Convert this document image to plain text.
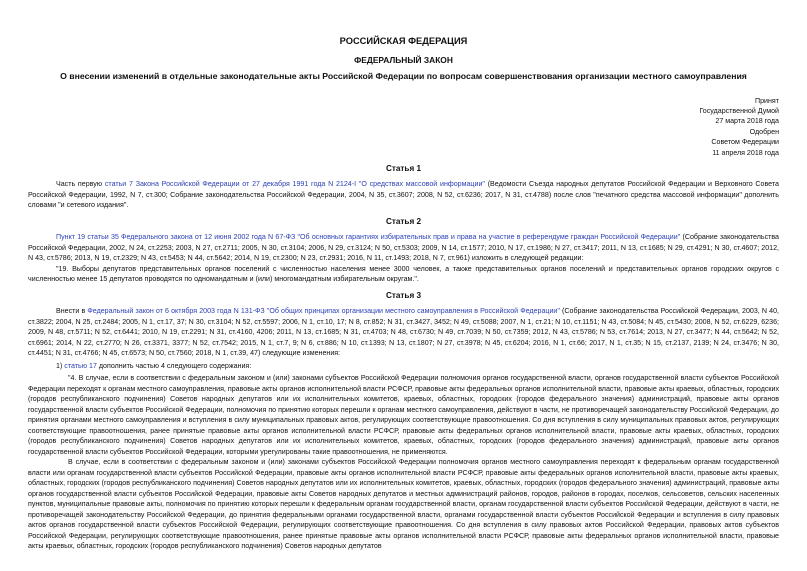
РОССИЙСКАЯ ФЕДЕРАЦИЯ
ФЕДЕРАЛЬНЫЙ ЗАКОН
О внесении изменений в отдельные законодательные акты Российской Федерации по вопросам совершенствования организации местного самоуправления
Принят
Государственной Думой
27 марта 2018 года
Одобрен
Советом Федерации
11 апреля 2018 года
Статья 1

Часть первую статьи 7 Закона Российской Федерации от 27 декабря 1991 года N 2124-I "О средствах массовой информации" (Ведомости Съезда народных депутатов Российской Федерации и Верховного Совета Российской Федерации, 1992, N 7, ст.300; Собрание законодательства Российской Федерации, 2004, N 35, ст.3607; 2008, N 52, ст.6236; 2017, N 31, ст.4788) после слов "печатного средства массовой информации" дополнить словами "и сетевого издания".

Статья 2

Пункт 19 статьи 35 Федерального закона от 12 июня 2002 года N 67-ФЗ "Об основных гарантиях избирательных прав и права на участие в референдуме граждан Российской Федерации" (Собрание законодательства Российской Федерации, 2002, N 24, ст.2253; 2003, N 27, ст.2711; 2005, N 30, ст.3104; 2006, N 29, ст.3124; N 50, ст.5303; 2009, N 14, ст.1577; 2010, N 17, ст.1986; N 27, ст.3417; 2011, N 13, ст.1685; N 29, ст.4291; N 30, ст.4607; 2012, N 43, ст.5786; 2013, N 19, ст.2329; N 43, ст.5453; N 44, ст.5642; 2014, N 19, ст.2300; N 23, ст.2931; 2016, N 11, ст.1493; 2018, N 7, ст.961) изложить в следующей редакции:

"19. Выборы депутатов представительных органов поселений с численностью населения менее 3000 человек, а также представительных органов поселений и представительных органов городских округов с численностью менее 15 депутатов проводятся по одномандатным и (или) многомандатным избирательным округам.".

Статья 3

Внести в Федеральный закон от 6 октября 2003 года N 131-ФЗ "Об общих принципах организации местного самоуправления в Российской Федерации" (Собрание законодательства Российской Федерации, 2003, N 40, ст.3822; 2004, N 25, ст.2484; 2005, N 1, ст.17, 37; N 30, ст.3104; N 52, ст.5597; 2006, N 1, ст.10, 17; N 8, ст.852; N 31, ст.3427, 3452; N 49, ст.5088; 2007, N 1, ст.21; N 10, ст.1151; N 43, ст.5084; N 45, ст.5430; 2008, N 52, ст.6229, 6236; 2009, N 48, ст.5711; N 52, ст.6441; 2010, N 19, ст.2291; N 31, ст.4160, 4206; 2011, N 13, ст.1685; N 31, ст.4703; N 48, ст.6730; N 49, ст.7039; N 50, ст.7359; 2012, N 43, ст.5786; N 53, ст.7614; 2013, N 27, ст.3477; N 44, ст.5642; N 52, ст.6961; 2014, N 22, ст.2770; N 26, ст.3371, 3377; N 52, ст.7542; 2015, N 1, ст.7, 9; N 6, ст.886; N 10, ст.1393; N 13, ст.1807; N 27, ст.3978; N 45, ст.6204; 2016, N 1, ст.66; 2017, N 1, ст.35; N 15, ст.2137, 2139; N 24, ст.3476; N 30, ст.4451; N 31, ст.4766; N 45, ст.6573; N 50, ст.7560; 2018, N 1, ст.39, 47) следующие изменения:

1) статью 17 дополнить частью 4 следующего содержания:

"4. В случае, если в соответствии с федеральным законом и (или) законами субъектов Российской Федерации полномочия органов государственной власти, органов государственной власти субъектов Российской Федерации переходят к органам местного самоуправления, правовые акты органов исполнительной власти РСФСР, правовые акты федеральных органов исполнительной власти, правовые акты краевых, областных, городских (городов республиканского подчинения) Советов народных депутатов или их исполнительных комитетов, краевых, областных, городских (городов федерального значения) администраций, правовые акты органов государственной власти субъектов Российской Федерации, полномочия по принятию которых перешли к органам местного самоуправления, действуют в части, не противоречащей законодательству Российской Федерации, до принятия органами местного самоуправления и вступления в силу муниципальных правовых актов, регулирующих соответствующие правоотношения. Со дня вступления в силу муниципальных правовых актов, регулирующих соответствующие правоотношения, ранее принятые правовые акты органов исполнительной власти РСФСР, правовые акты федеральных органов исполнительной власти, правовые акты краевых, областных, городских (городов республиканского подчинения) Советов народных депутатов или их исполнительных комитетов, краевых, областных, городских (городов федерального значения) администраций, правовые акты органов государственной власти субъектов Российской Федерации, которыми урегулированы такие правоотношения, не применяются.

В случае, если в соответствии с федеральным законом и (или) законами субъектов Российской Федерации полномочия органов местного самоуправления переходят к федеральным органам государственной власти или органам государственной власти субъектов Российской Федерации, правовые акты органов исполнительной власти РСФСР, правовые акты федеральных органов исполнительной власти, правовые акты краевых, областных, городских (городов республиканского подчинения) Советов народных депутатов или их исполнительных комитетов, краевых, областных, городских (городов федерального значения) администраций, правовые акты органов государственной власти субъектов Российской Федерации, правовые акты Советов народных депутатов и местных администраций районов, городов, районов в городах, поселков, сельсоветов, сельских населенных пунктов, муниципальные правовые акты, полномочия по принятию которых перешли к федеральным органам государственной власти, органам государственной власти субъектов Российской Федерации, действуют в части, не противоречащей законодательству Российской Федерации, до принятия федеральными органами государственной власти, органами государственной власти субъектов Российской Федерации и вступления в силу правовых актов органов государственной власти субъектов Российской Федерации, регулирующих соответствующие правоотношения. Со дня вступления в силу правовых актов Российской Федерации, правовых актов субъектов Российской Федерации, регулирующих соответствующие правоотношения, ранее принятые правовые акты органов исполнительной власти РСФСР, правовые акты федеральных органов исполнительной власти, правовые акты краевых, областных, городских (городов республиканского подчинения) Советов народных депутатов
